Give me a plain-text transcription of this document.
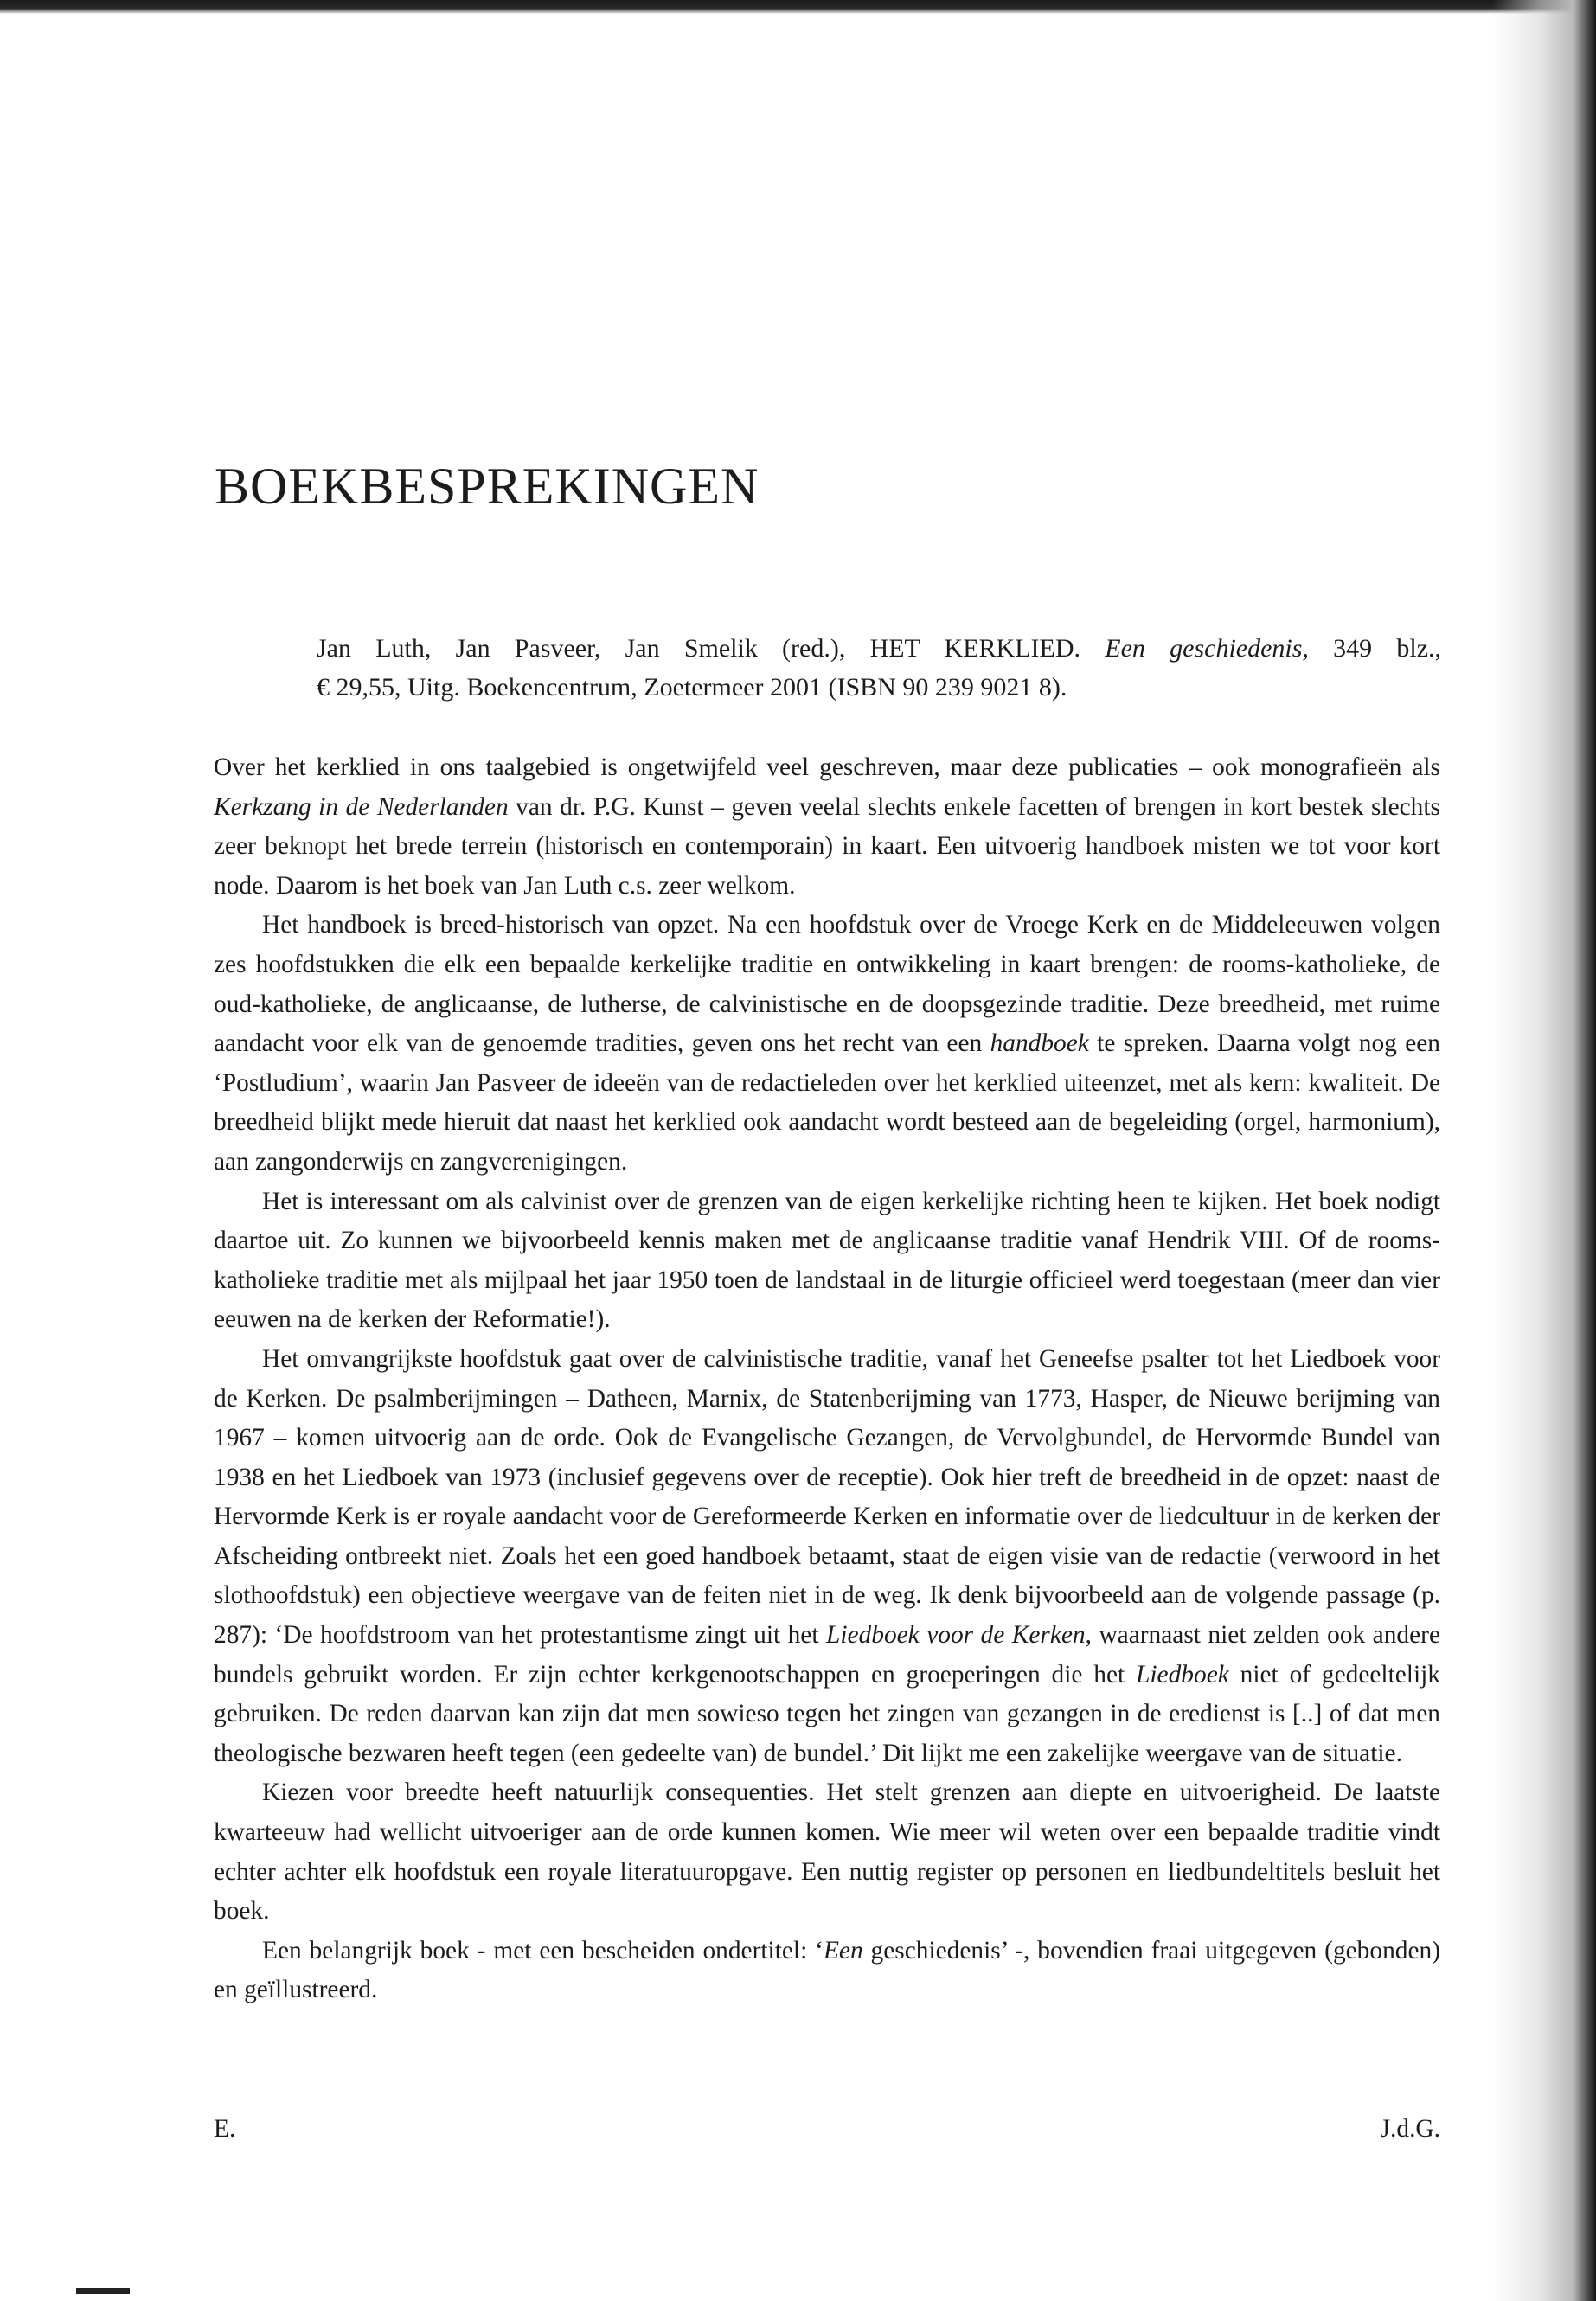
BOEKBESPREKINGEN
Jan Luth, Jan Pasveer, Jan Smelik (red.), HET KERKLIED. Een geschiedenis, 349 blz.,
€ 29,55, Uitg. Boekencentrum, Zoetermeer 2001 (ISBN 90 239 9021 8).

Over het kerklied in ons taalgebied is ongetwijfeld veel geschreven, maar deze publicaties – ook monografieën als Kerkzang in de Nederlanden van dr. P.G. Kunst – geven veelal slechts enkele facetten of brengen in kort bestek slechts zeer beknopt het brede terrein (historisch en contemporain) in kaart. Een uitvoerig handboek misten we tot voor kort node. Daarom is het boek van Jan Luth c.s. zeer welkom.

Het handboek is breed-historisch van opzet. Na een hoofdstuk over de Vroege Kerk en de Middeleeuwen volgen zes hoofdstukken die elk een bepaalde kerkelijke traditie en ontwikkeling in kaart brengen: de rooms-katholieke, de oud-katholieke, de anglicaanse, de lutherse, de calvinistische en de doopsgezinde traditie. Deze breedheid, met ruime aandacht voor elk van de genoemde tradities, geven ons het recht van een handboek te spreken. Daarna volgt nog een ‘Postludium’, waarin Jan Pasveer de ideeën van de redactieleden over het kerklied uiteenzet, met als kern: kwaliteit. De breedheid blijkt mede hieruit dat naast het kerklied ook aandacht wordt besteed aan de begeleiding (orgel, harmonium), aan zangonderwijs en zangverenigingen.

Het is interessant om als calvinist over de grenzen van de eigen kerkelijke richting heen te kijken. Het boek nodigt daartoe uit. Zo kunnen we bijvoorbeeld kennis maken met de anglicaanse traditie vanaf Hendrik VIII. Of de rooms-katholieke traditie met als mijlpaal het jaar 1950 toen de landstaal in de liturgie officieel werd toegestaan (meer dan vier eeuwen na de kerken der Reformatie!).

Het omvangrijkste hoofdstuk gaat over de calvinistische traditie, vanaf het Geneefse psalter tot het Liedboek voor de Kerken. De psalmberijmingen – Datheen, Marnix, de Statenberijming van 1773, Hasper, de Nieuwe berijming van 1967 – komen uitvoerig aan de orde. Ook de Evangelische Gezangen, de Vervolgbundel, de Hervormde Bundel van 1938 en het Liedboek van 1973 (inclusief gegevens over de receptie). Ook hier treft de breedheid in de opzet: naast de Hervormde Kerk is er royale aandacht voor de Gereformeerde Kerken en informatie over de liedcultuur in de kerken der Afscheiding ontbreekt niet. Zoals het een goed handboek betaamt, staat de eigen visie van de redactie (verwoord in het slothoofdstuk) een objectieve weergave van de feiten niet in de weg. Ik denk bijvoorbeeld aan de volgende passage (p. 287): ‘De hoofdstroom van het protestantisme zingt uit het Liedboek voor de Kerken, waarnaast niet zelden ook andere bundels gebruikt worden. Er zijn echter kerkgenootschappen en groeperingen die het Liedboek niet of gedeeltelijk gebruiken. De reden daarvan kan zijn dat men sowieso tegen het zingen van gezangen in de eredienst is [..] of dat men theologische bezwaren heeft tegen (een gedeelte van) de bundel.’ Dit lijkt me een zakelijke weergave van de situatie.

Kiezen voor breedte heeft natuurlijk consequenties. Het stelt grenzen aan diepte en uitvoerigheid. De laatste kwarteeuw had wellicht uitvoeriger aan de orde kunnen komen. Wie meer wil weten over een bepaalde traditie vindt echter achter elk hoofdstuk een royale literatuuropgave. Een nuttig register op personen en liedbundeltitels besluit het boek.

Een belangrijk boek - met een bescheiden ondertitel: ‘Een geschiedenis’ -, bovendien fraai uitgegeven (gebonden) en geïllustreerd.

E.	J.d.G.
